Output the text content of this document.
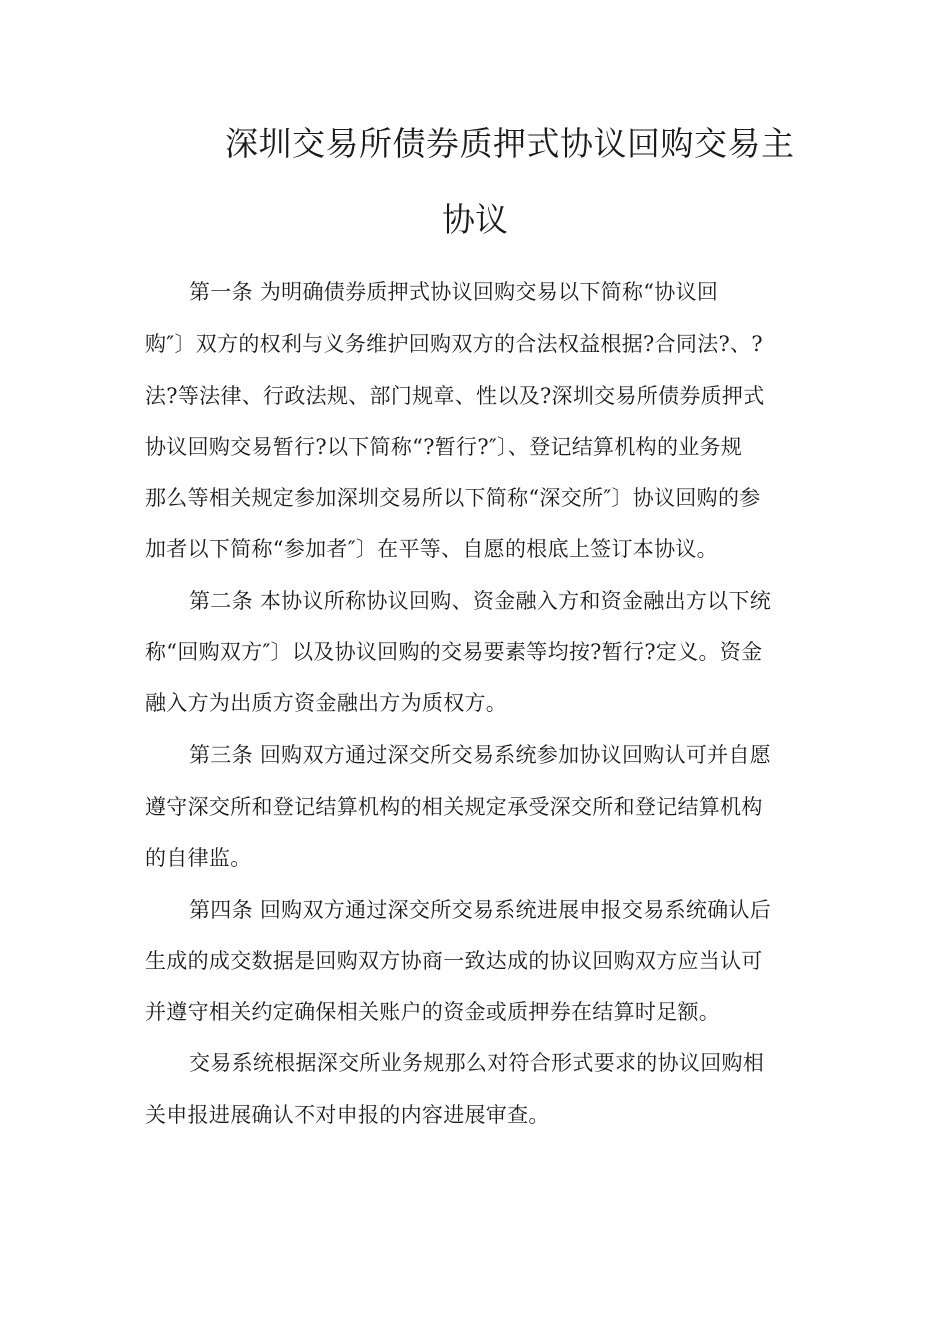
深圳交易所债券质押式协议回购交易主
协议
第一条 为明确债券质押式协议回购交易以下简称“协议回
购″〕双方的权利与义务维护回购双方的合法权益根据?合同法?、?
法?等法律、行政法规、部门规章、性以及?深圳交易所债券质押式
协议回购交易暂行?以下简称“?暂行?″〕、登记结算机构的业务规
那么等相关规定参加深圳交易所以下简称“深交所″〕协议回购的参
加者以下简称“参加者″〕在平等、自愿的根底上签订本协议。
第二条 本协议所称协议回购、资金融入方和资金融出方以下统
称“回购双方″〕以及协议回购的交易要素等均按?暂行?定义。资金
融入方为出质方资金融出方为质权方。
第三条 回购双方通过深交所交易系统参加协议回购认可并自愿
遵守深交所和登记结算机构的相关规定承受深交所和登记结算机构
的自律监。
第四条 回购双方通过深交所交易系统进展申报交易系统确认后
生成的成交数据是回购双方协商一致达成的协议回购双方应当认可
并遵守相关约定确保相关账户的资金或质押券在结算时足额。
交易系统根据深交所业务规那么对符合形式要求的协议回购相
关申报进展确认不对申报的内容进展审查。
